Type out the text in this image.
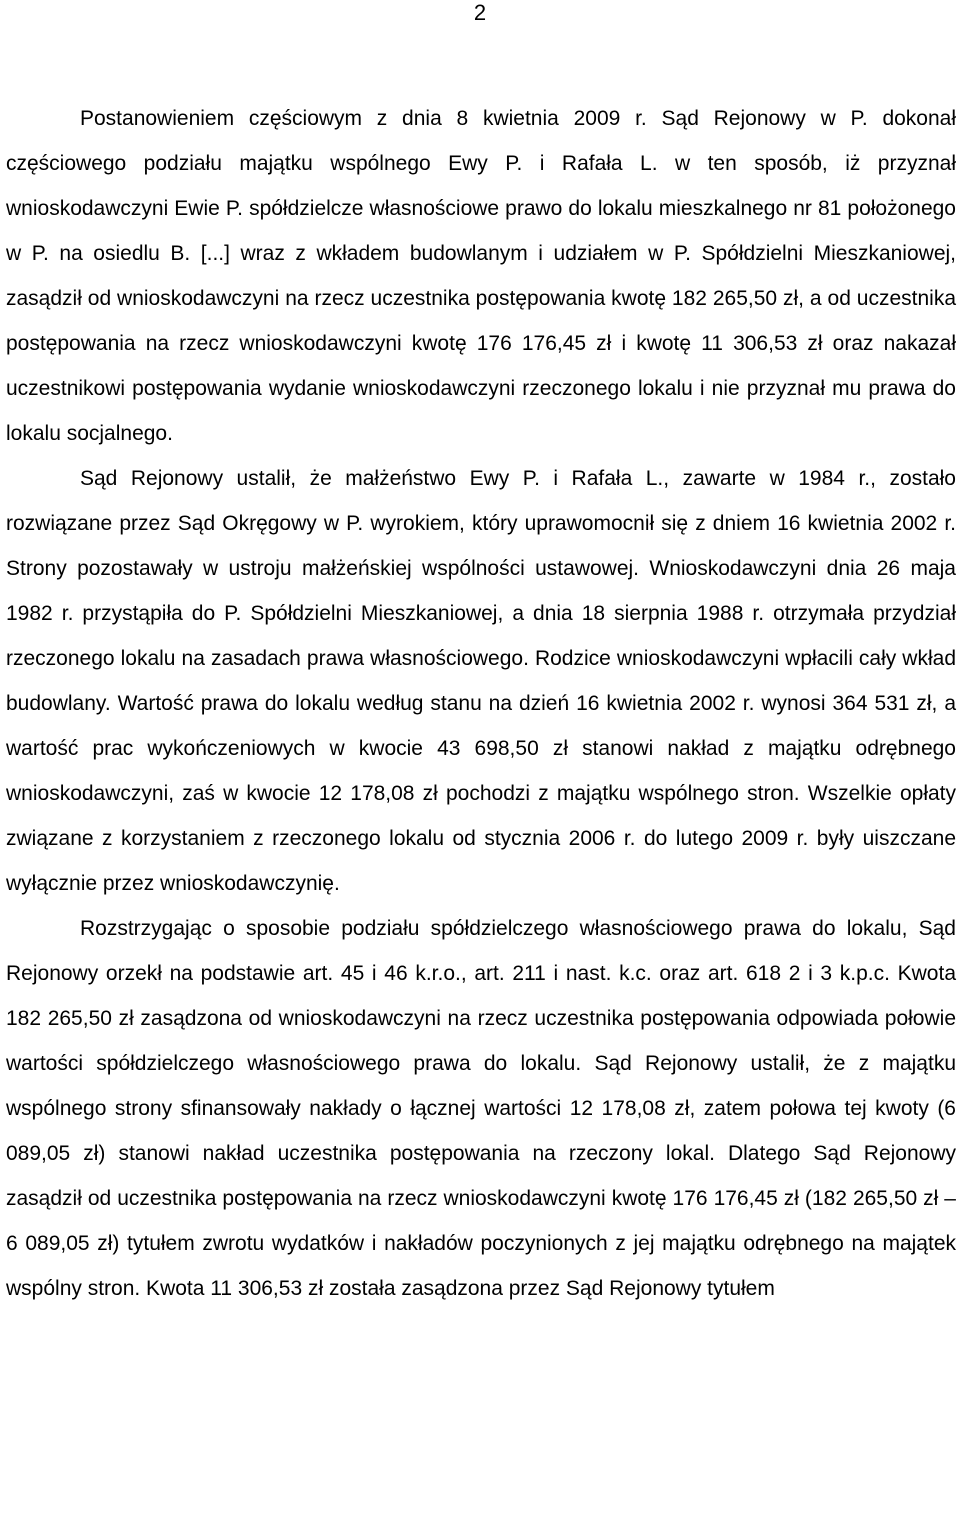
2

Postanowieniem częściowym z dnia 8 kwietnia 2009 r. Sąd Rejonowy w P. dokonał częściowego podziału majątku wspólnego Ewy P. i Rafała L. w ten sposób, iż przyznał wnioskodawczyni Ewie P. spółdzielcze własnościowe prawo do lokalu mieszkalnego nr 81 położonego w P. na osiedlu B. [...] wraz z wkładem budowlanym i udziałem w P. Spółdzielni Mieszkaniowej, zasądził od wnioskodawczyni na rzecz uczestnika postępowania kwotę 182 265,50 zł, a od uczestnika postępowania na rzecz wnioskodawczyni kwotę 176 176,45 zł i kwotę 11 306,53 zł oraz nakazał uczestnikowi postępowania wydanie wnioskodawczyni rzeczonego lokalu i nie przyznał mu prawa do lokalu socjalnego.

Sąd Rejonowy ustalił, że małżeństwo Ewy P. i Rafała L., zawarte w 1984 r., zostało rozwiązane przez Sąd Okręgowy w P. wyrokiem, który uprawomocnił się z dniem 16 kwietnia 2002 r. Strony pozostawały w ustroju małżeńskiej wspólności ustawowej. Wnioskodawczyni dnia 26 maja 1982 r. przystąpiła do P. Spółdzielni Mieszkaniowej, a dnia 18 sierpnia 1988 r. otrzymała przydział rzeczonego lokalu na zasadach prawa własnościowego. Rodzice wnioskodawczyni wpłacili cały wkład budowlany. Wartość prawa do lokalu według stanu na dzień 16 kwietnia 2002 r. wynosi 364 531 zł, a wartość prac wykończeniowych w kwocie 43 698,50 zł stanowi nakład z majątku odrębnego wnioskodawczyni, zaś w kwocie 12 178,08 zł pochodzi z majątku wspólnego stron. Wszelkie opłaty związane z korzystaniem z rzeczonego lokalu od stycznia 2006 r. do lutego 2009 r. były uiszczane wyłącznie przez wnioskodawczynię.

Rozstrzygając o sposobie podziału spółdzielczego własnościowego prawa do lokalu, Sąd Rejonowy orzekł na podstawie art. 45 i 46 k.r.o., art. 211 i nast. k.c. oraz art. 618 2 i 3 k.p.c. Kwota 182 265,50 zł zasądzona od wnioskodawczyni na rzecz uczestnika postępowania odpowiada połowie wartości spółdzielczego własnościowego prawa do lokalu. Sąd Rejonowy ustalił, że z majątku wspólnego strony sfinansowały nakłady o łącznej wartości 12 178,08 zł, zatem połowa tej kwoty (6 089,05 zł) stanowi nakład uczestnika postępowania na rzeczony lokal. Dlatego Sąd Rejonowy zasądził od uczestnika postępowania na rzecz wnioskodawczyni kwotę 176 176,45 zł (182 265,50 zł – 6 089,05 zł) tytułem zwrotu wydatków i nakładów poczynionych z jej majątku odrębnego na majątek wspólny stron. Kwota 11 306,53 zł została zasądzona przez Sąd Rejonowy tytułem
